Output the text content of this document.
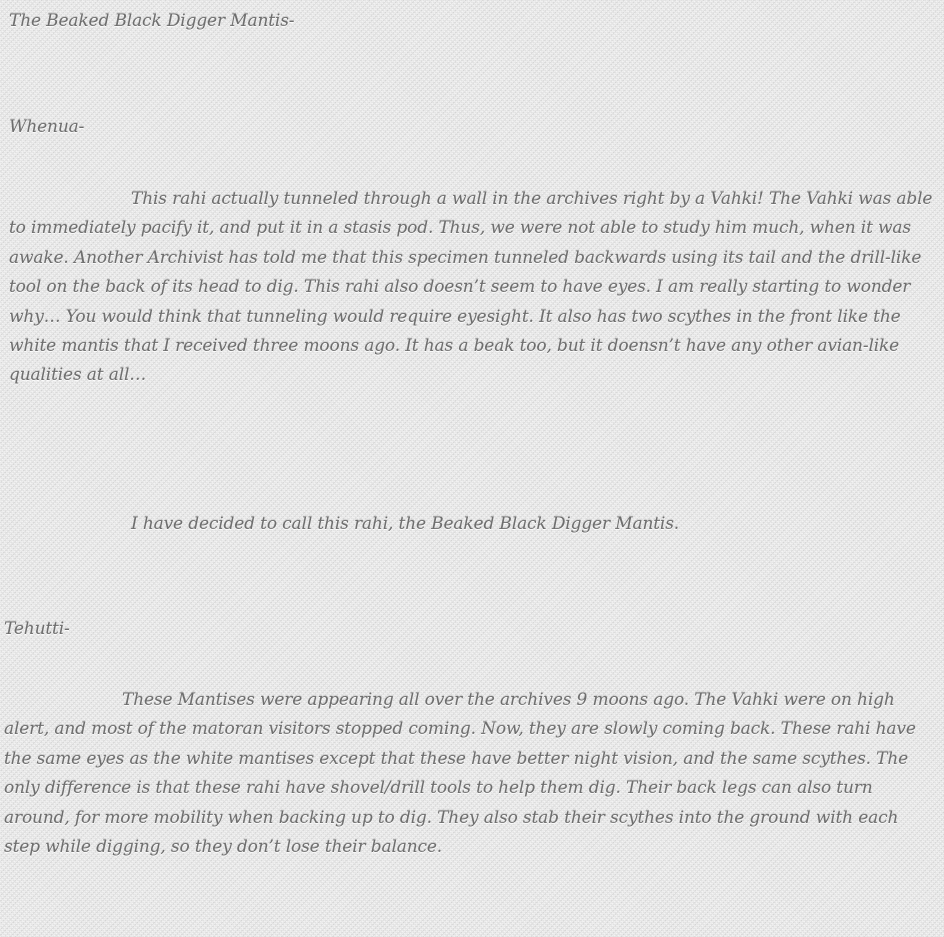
The Beaked Black Digger Mantis-
Whenua-

This rahi actually tunneled through a wall in the archives right by a Vahki! The Vahki was able to immediately pacify it, and put it in a stasis pod. Thus, we were not able to study him much, when it was awake. Another Archivist has told me that this specimen tunneled backwards using its tail and the drill-like tool on the back of its head to dig. This rahi also doesn’t seem to have eyes. I am really starting to wonder why… You would think that tunneling would require eyesight. It also has two scythes in the front like the white mantis that I received three moons ago. It has a beak too, but it doensn’t have any other avian-like qualities at all…

I have decided to call this rahi, the Beaked Black Digger Mantis.

Tehutti-

These Mantises were appearing all over the archives 9 moons ago. The Vahki were on high alert, and most of the matoran visitors stopped coming. Now, they are slowly coming back. These rahi have the same eyes as the white mantises except that these have better night vision, and the same scythes. The only difference is that these rahi have shovel/drill tools to help them dig. Their back legs can also turn around, for more mobility when backing up to dig. They also stab their scythes into the ground with each step while digging, so they don’t lose their balance.
